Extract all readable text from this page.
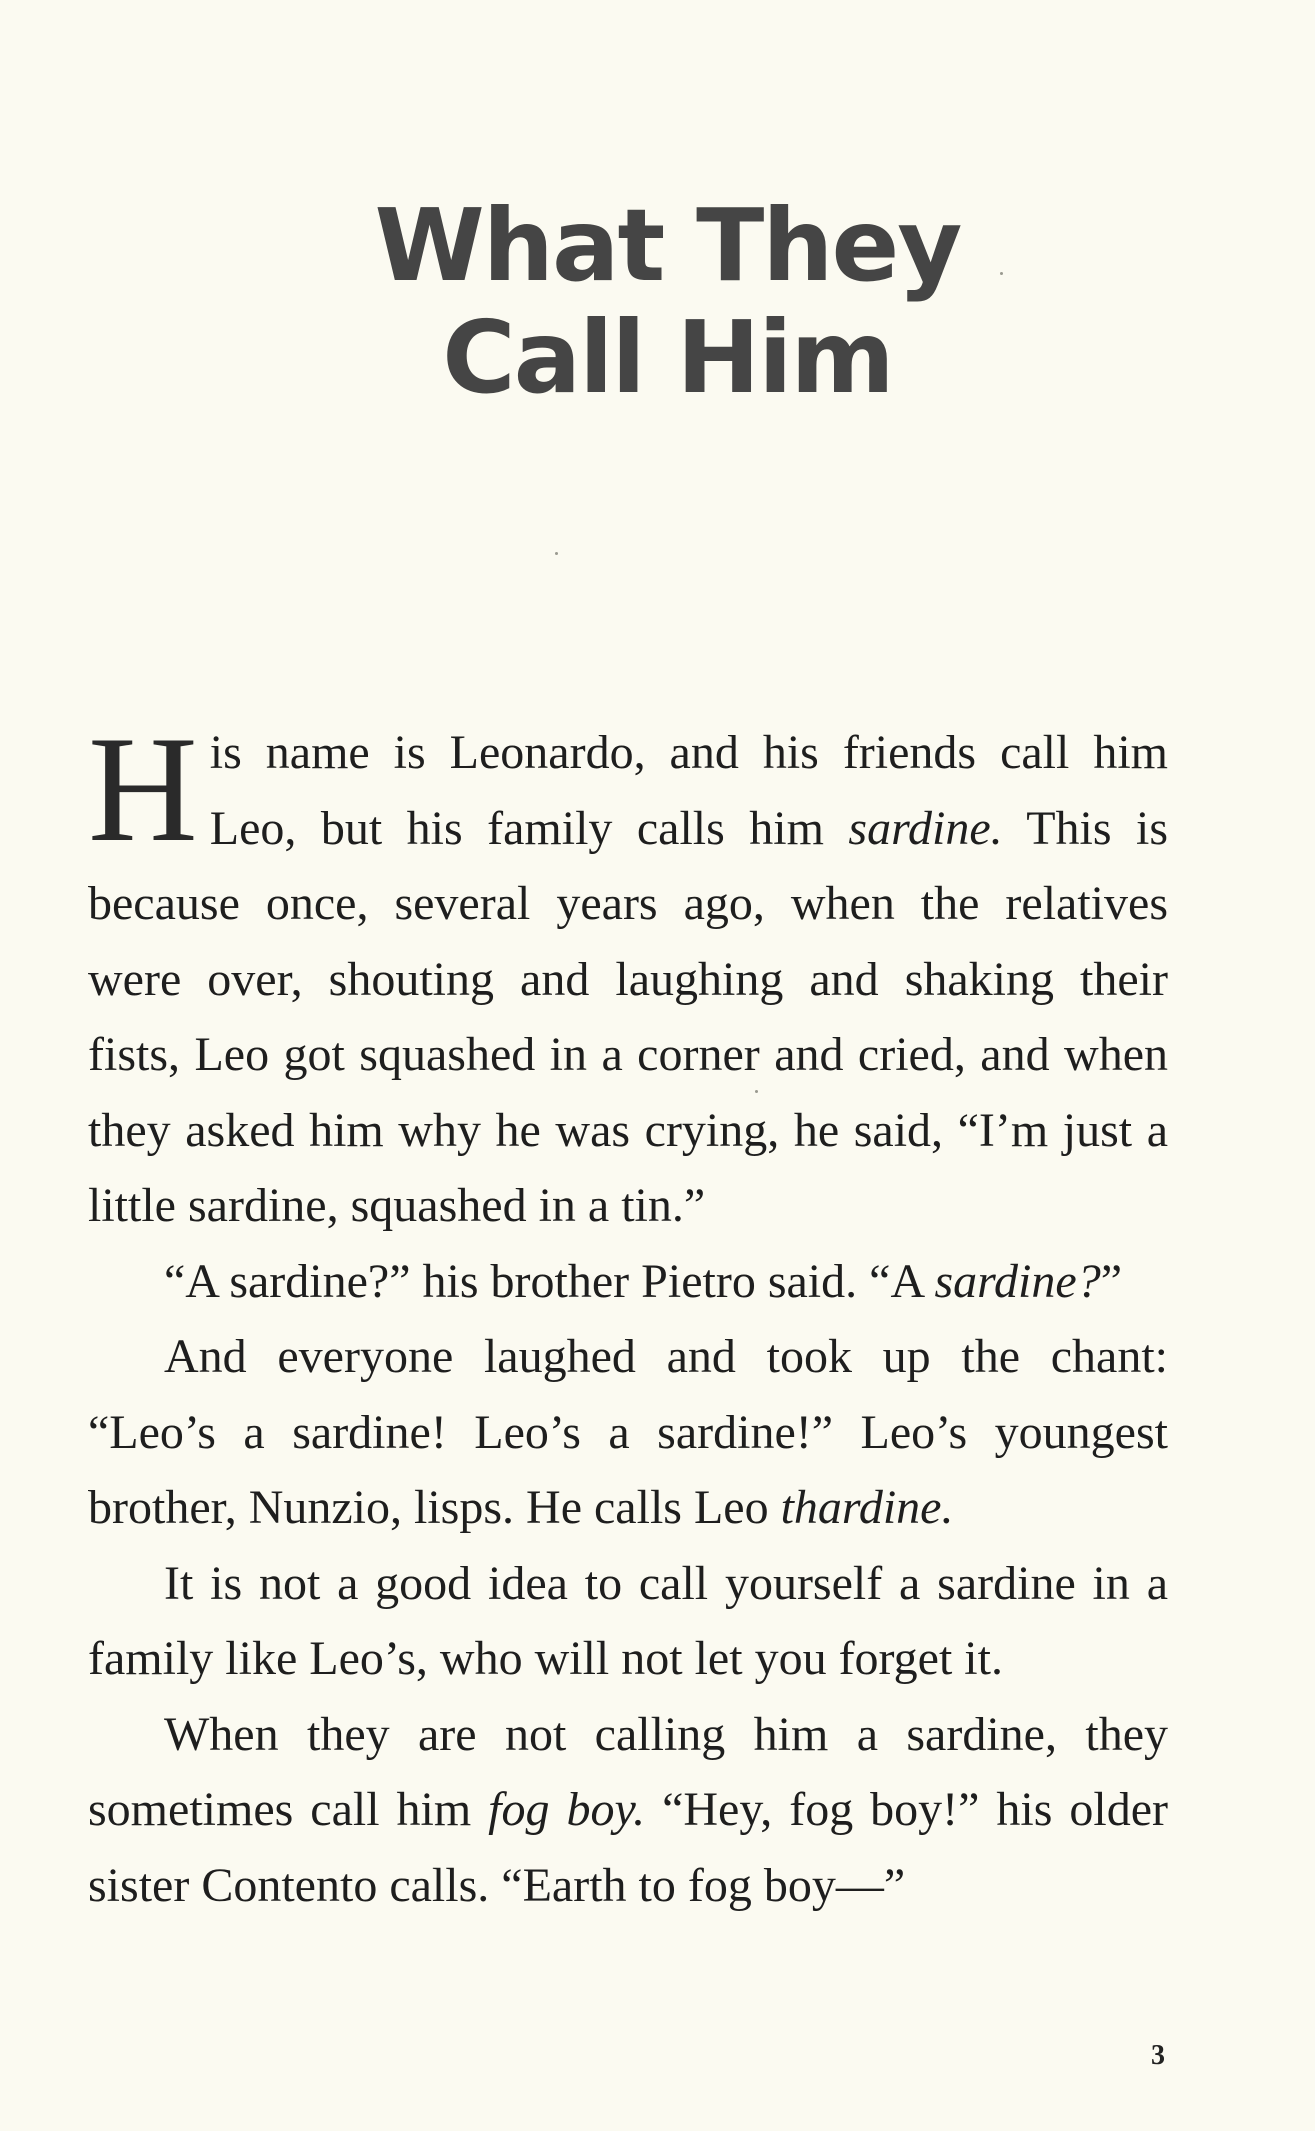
What They
Call Him

His name is Leonardo, and his friends call him Leo, but his family calls him sardine. This is because once, several years ago, when the relatives were over, shouting and laughing and shaking their fists, Leo got squashed in a corner and cried, and when they asked him why he was crying, he said, “I’m just a little sardine, squashed in a tin.”

“A sardine?” his brother Pietro said. “A sardine?”

And everyone laughed and took up the chant: “Leo’s a sardine! Leo’s a sardine!” Leo’s youngest brother, Nunzio, lisps. He calls Leo thardine.

It is not a good idea to call yourself a sardine in a family like Leo’s, who will not let you forget it.

When they are not calling him a sardine, they sometimes call him fog boy. “Hey, fog boy!” his older sister Contento calls. “Earth to fog boy—”

3
